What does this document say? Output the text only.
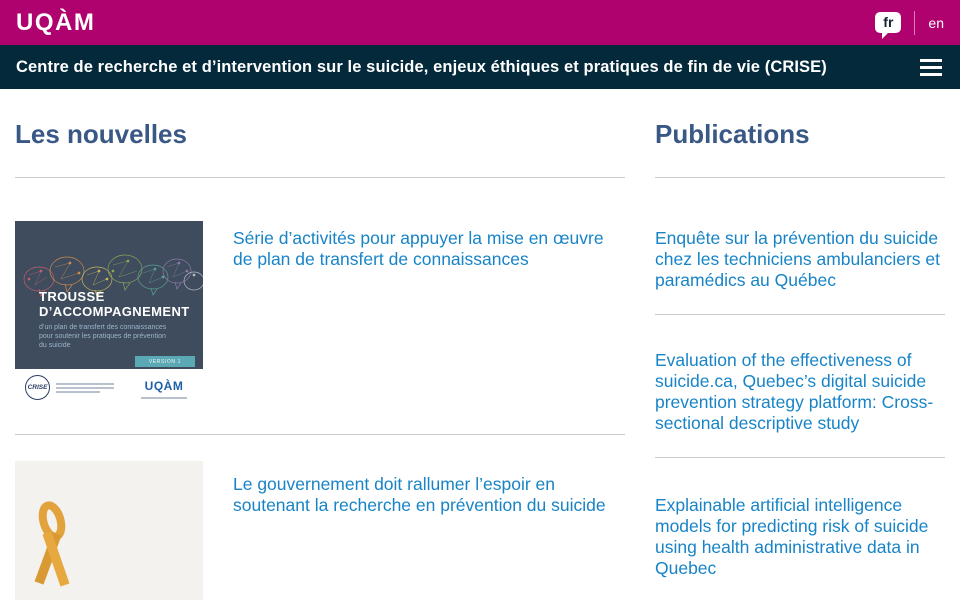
UQÀM	fr	en
Centre de recherche et d’intervention sur le suicide, enjeux éthiques et pratiques de fin de vie (CRISE)
Les nouvelles
TROUSSE
D’ACCOMPAGNEMENT
d’un plan de transfert des connaissances pour soutenir les pratiques de prévention du suicide
VERSION 1
CRISE	UQÀM
Série d’activités pour appuyer la mise en œuvre de plan de transfert de connaissances
Le gouvernement doit rallumer l’espoir en soutenant la recherche en prévention du suicide
Publications
Enquête sur la prévention du suicide chez les techniciens ambulanciers et paramédics au Québec
Evaluation of the effectiveness of suicide.ca, Quebec’s digital suicide prevention strategy platform: Cross-sectional descriptive study
Explainable artificial intelligence models for predicting risk of suicide using health administrative data in Quebec
